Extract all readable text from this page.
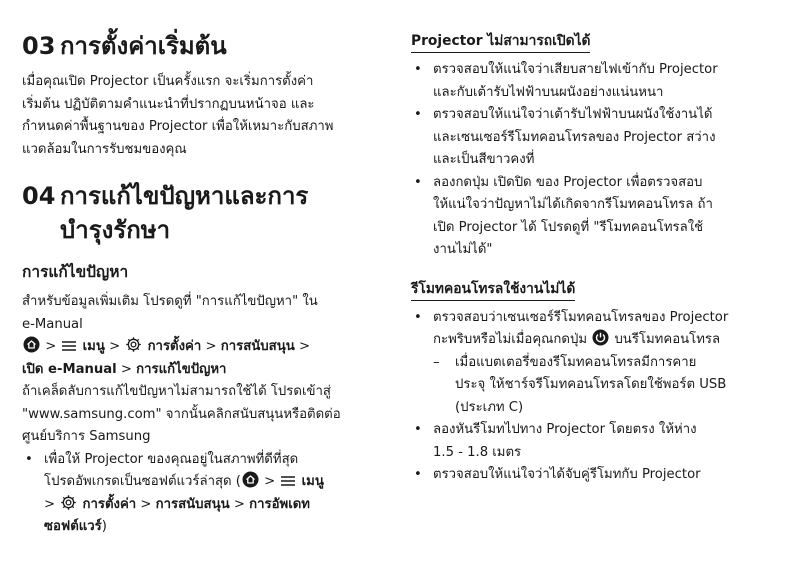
03 การตั้งค่าเริ่มต้น

เมื่อคุณเปิด Projector เป็นครั้งแรก จะเริ่มการตั้งค่า
เริ่มต้น ปฏิบัติตามคำแนะนำที่ปรากฏบนหน้าจอ และ
กำหนดค่าพื้นฐานของ Projector เพื่อให้เหมาะกับสภาพ
แวดล้อมในการรับชมของคุณ

04 การแก้ไขปัญหาและการ
บำรุงรักษา
การแก้ไขปัญหา

สำหรับข้อมูลเพิ่มเติม โปรดดูที่ "การแก้ไขปัญหา" ใน
e-Manual

> เมนู > การตั้งค่า > การสนับสนุน >
เปิด e-Manual > การแก้ไขปัญหา

ถ้าเคล็ดลับการแก้ไขปัญหาไม่สามารถใช้ได้ โปรดเข้าสู่
"www.samsung.com" จากนั้นคลิกสนับสนุนหรือติดต่อ
ศูนย์บริการ Samsung

• เพื่อให้ Projector ของคุณอยู่ในสภาพที่ดีที่สุด
โปรดอัพเกรดเป็นซอฟต์แวร์ล่าสุด ( > เมนู
> การตั้งค่า > การสนับสนุน > การอัพเดท
ซอฟต์แวร์)
Projector ไม่สามารถเปิดได้
• ตรวจสอบให้แน่ใจว่าเสียบสายไฟเข้ากับ Projector
และกับเต้ารับไฟฟ้าบนผนังอย่างแน่นหนา
• ตรวจสอบให้แน่ใจว่าเต้ารับไฟฟ้าบนผนังใช้งานได้
และเซนเซอร์รีโมทคอนโทรลของ Projector สว่าง
และเป็นสีขาวคงที่
• ลองกดปุ่ม เปิดปิด ของ Projector เพื่อตรวจสอบ
ให้แน่ใจว่าปัญหาไม่ได้เกิดจากรีโมทคอนโทรล ถ้า
เปิด Projector ได้ โปรดดูที่ "รีโมทคอนโทรลใช้
งานไม่ได้"
รีโมทคอนโทรลใช้งานไม่ได้
• ตรวจสอบว่าเซนเซอร์รีโมทคอนโทรลของ Projector
กะพริบหรือไม่เมื่อคุณกดปุ่ม บนรีโมทคอนโทรล
– เมื่อแบตเตอรี่ของรีโมทคอนโทรลมีการคาย
ประจุ ให้ชาร์จรีโมทคอนโทรลโดยใช้พอร์ต USB
(ประเภท C)
• ลองหันรีโมทไปทาง Projector โดยตรง ให้ห่าง
1.5 - 1.8 เมตร
• ตรวจสอบให้แน่ใจว่าได้จับคู่รีโมทกับ Projector
